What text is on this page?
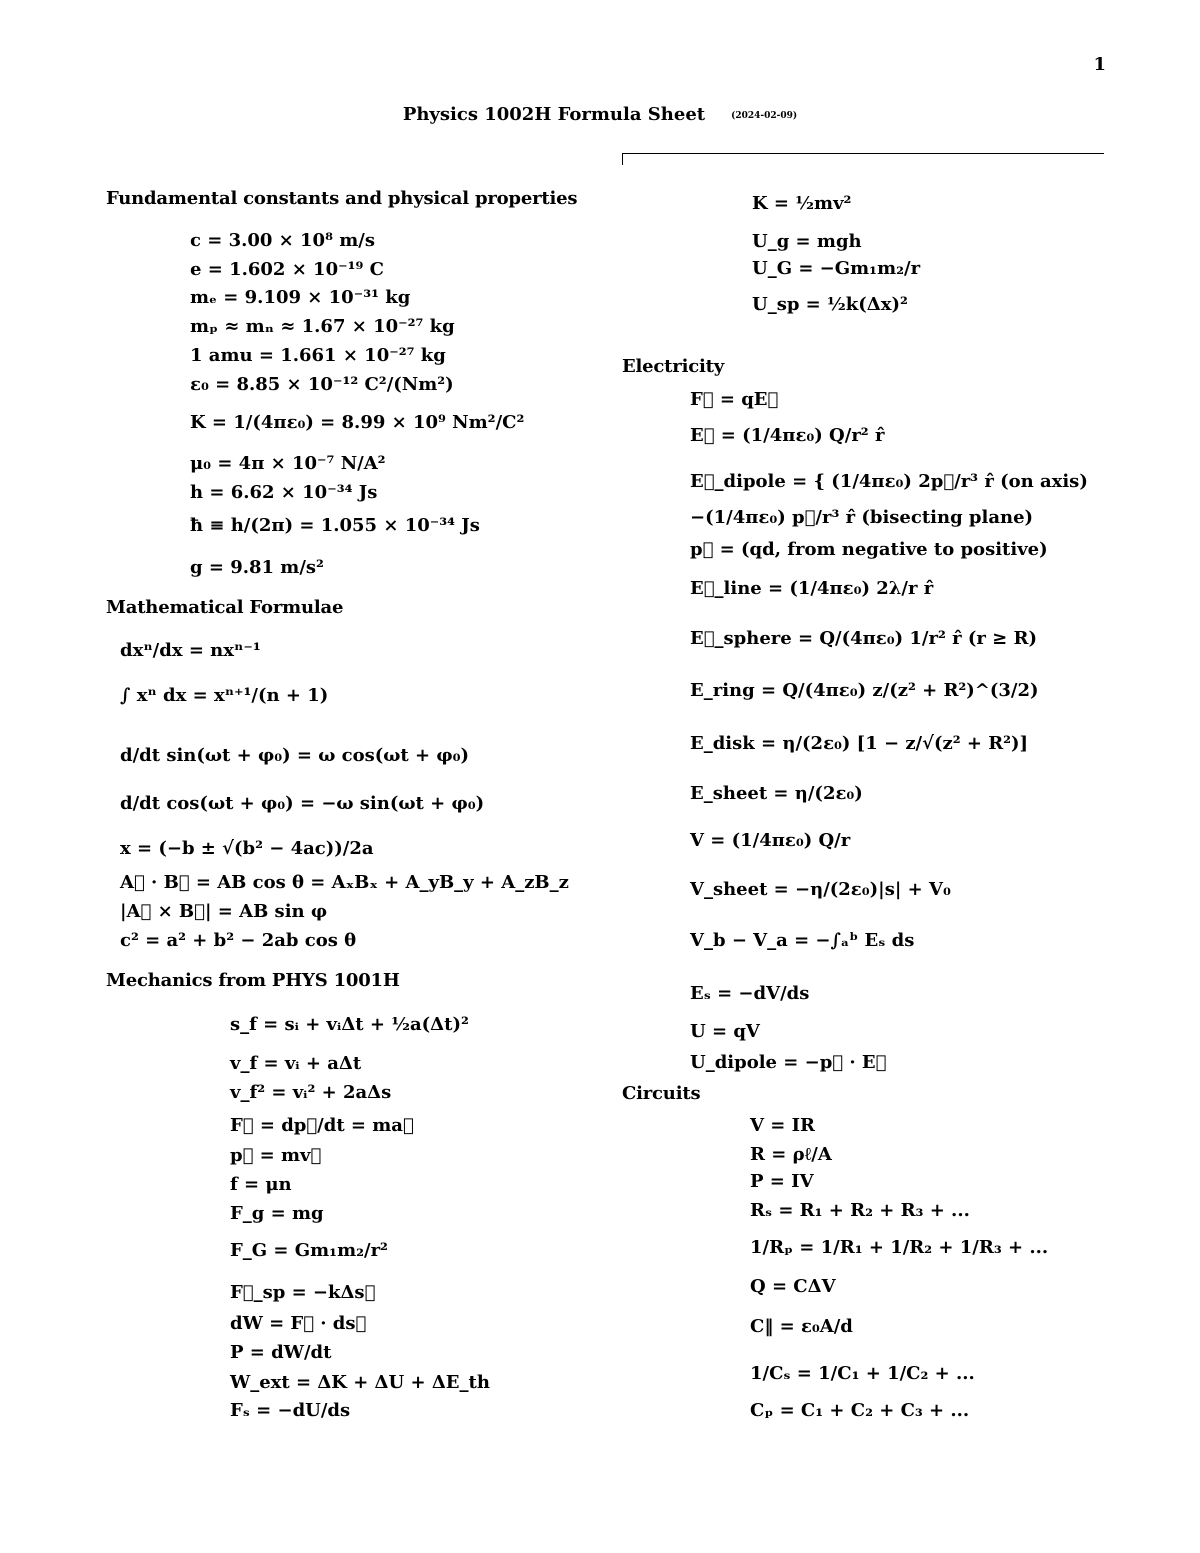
1
Physics 1002H Formula Sheet	(2024-02-09)
Fundamental constants and physical properties
c = 3.00 × 10⁸ m/s
e = 1.602 × 10⁻¹⁹ C
mₑ = 9.109 × 10⁻³¹ kg
mₚ ≈ mₙ ≈ 1.67 × 10⁻²⁷ kg
1 amu = 1.661 × 10⁻²⁷ kg
ε₀ = 8.85 × 10⁻¹² C²/(Nm²)
K = 1/(4πε₀) = 8.99 × 10⁹ Nm²/C²
μ₀ = 4π × 10⁻⁷ N/A²
h = 6.62 × 10⁻³⁴ Js
ħ ≡ h/(2π) = 1.055 × 10⁻³⁴ Js
g = 9.81 m/s²
Mathematical Formulae
dxⁿ/dx = nxⁿ⁻¹
∫ xⁿ dx = xⁿ⁺¹/(n + 1)
d/dt sin(ωt + φ₀) = ω cos(ωt + φ₀)
d/dt cos(ωt + φ₀) = −ω sin(ωt + φ₀)
x = (−b ± √(b² − 4ac))/2a
A⃗ · B⃗ = AB cos θ = AₓBₓ + A_yB_y + A_zB_z
|A⃗ × B⃗| = AB sin φ
c² = a² + b² − 2ab cos θ
Mechanics from PHYS 1001H
s_f = sᵢ + vᵢΔt + ½a(Δt)²
v_f = vᵢ + aΔt
v_f² = vᵢ² + 2aΔs
F⃗ = dp⃗/dt = ma⃗
p⃗ = mv⃗
f = μn
F_g = mg
F_G = Gm₁m₂/r²
F⃗_sp = −kΔs⃗
dW = F⃗ · ds⃗
P = dW/dt
W_ext = ΔK + ΔU + ΔE_th
Fₛ = −dU/ds
K = ½mv²
U_g = mgh
U_G = −Gm₁m₂/r
U_sp = ½k(Δx)²
Electricity
F⃗ = qE⃗
E⃗ = (1/4πε₀) Q/r² r̂
E⃗_dipole = { (1/4πε₀) 2p⃗/r³ r̂ (on axis)
−(1/4πε₀) p⃗/r³ r̂ (bisecting plane)
p⃗ = (qd, from negative to positive)
E⃗_line = (1/4πε₀) 2λ/r r̂
E⃗_sphere = Q/(4πε₀) 1/r² r̂ (r ≥ R)
E_ring = Q/(4πε₀) z/(z² + R²)^(3/2)
E_disk = η/(2ε₀) [1 − z/√(z² + R²)]
E_sheet = η/(2ε₀)
V = (1/4πε₀) Q/r
V_sheet = −η/(2ε₀)|s| + V₀
V_b − V_a = −∫ₐᵇ Eₛ ds
Eₛ = −dV/ds
U = qV
U_dipole = −p⃗ · E⃗
Circuits
V = IR
R = ρℓ/A
P = IV
Rₛ = R₁ + R₂ + R₃ + ...
1/Rₚ = 1/R₁ + 1/R₂ + 1/R₃ + ...
Q = CΔV
C‖ = ε₀A/d
1/Cₛ = 1/C₁ + 1/C₂ + ...
Cₚ = C₁ + C₂ + C₃ + ...
